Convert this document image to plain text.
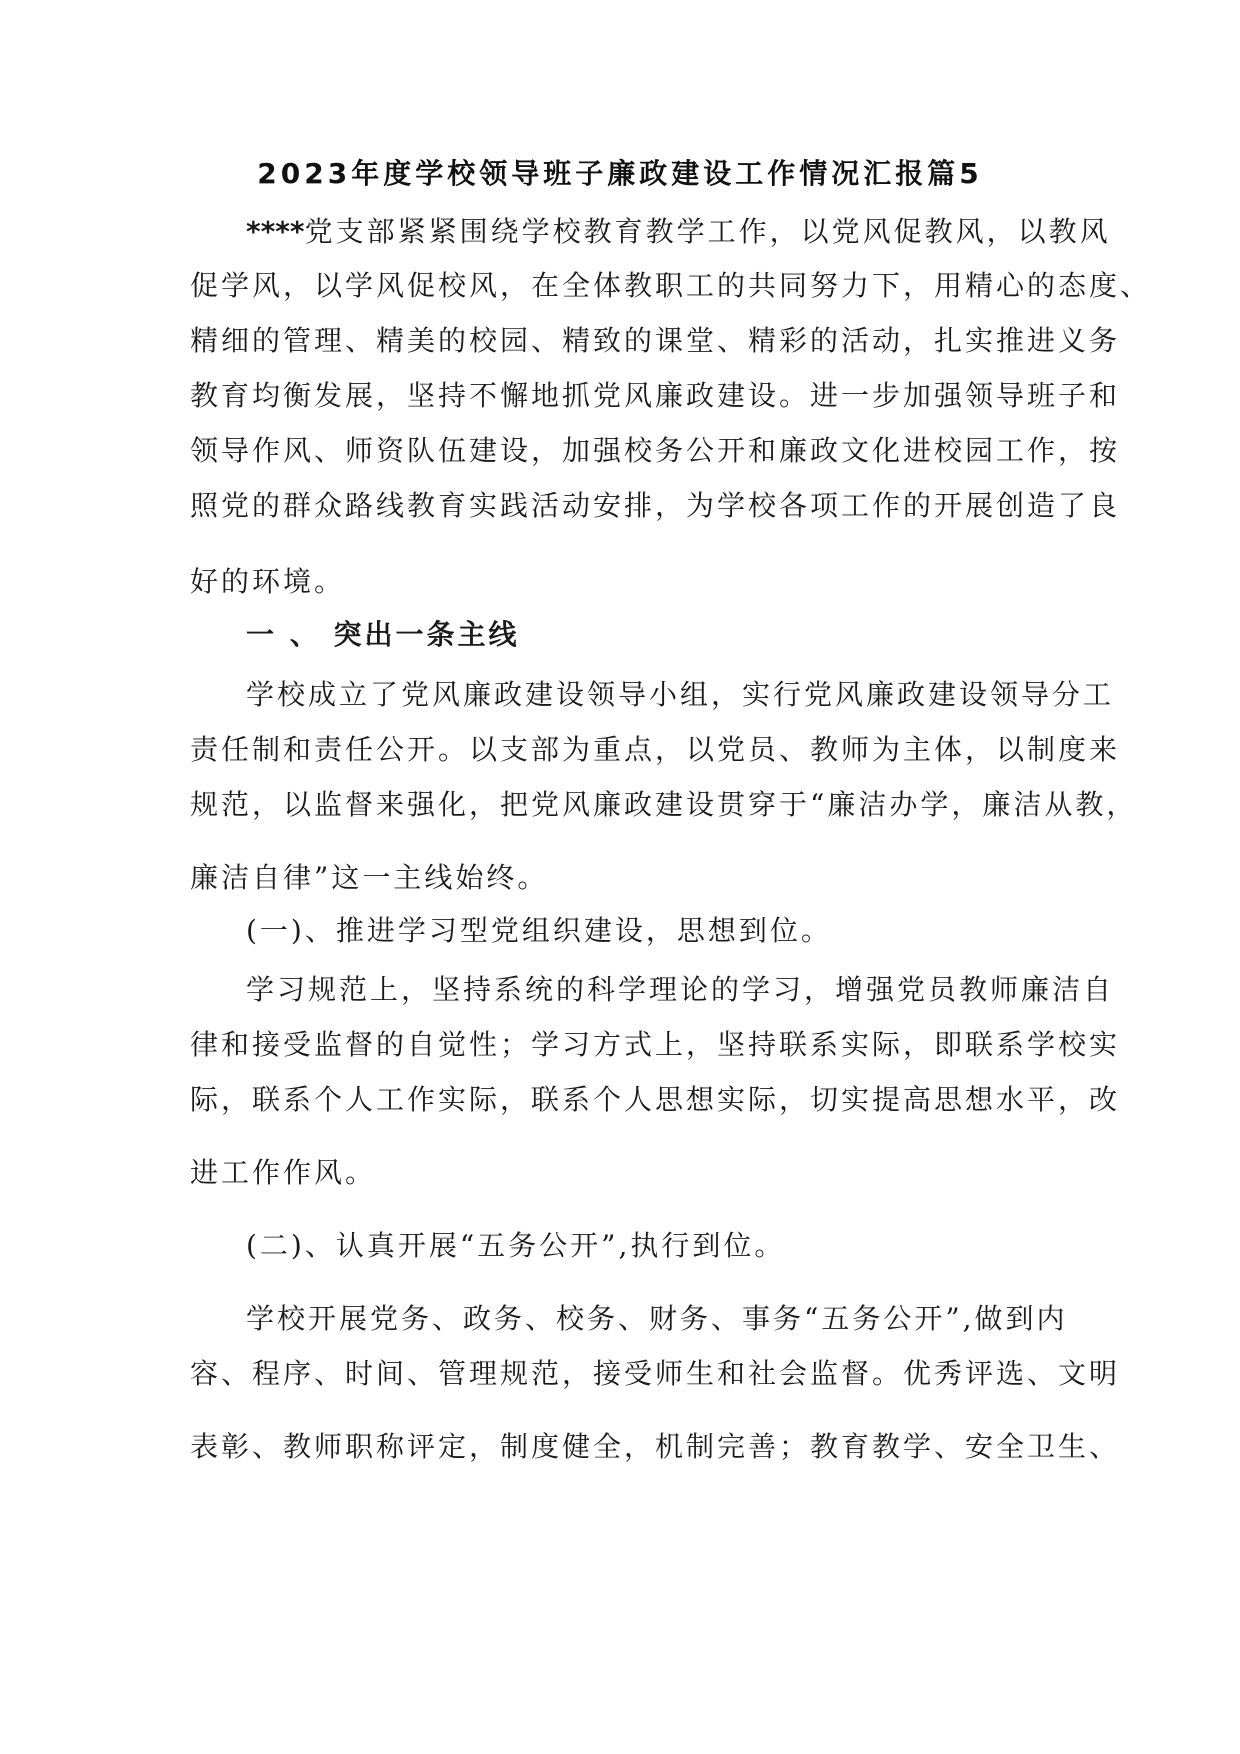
2023年度学校领导班子廉政建设工作情况汇报篇5

****党支部紧紧围绕学校教育教学工作，以党风促教风，以教风

促学风，以学风促校风，在全体教职工的共同努力下，用精心的态度、

精细的管理、精美的校园、精致的课堂、精彩的活动，扎实推进义务

教育均衡发展，坚持不懈地抓党风廉政建设。进一步加强领导班子和

领导作风、师资队伍建设，加强校务公开和廉政文化进校园工作，按

照党的群众路线教育实践活动安排，为学校各项工作的开展创造了良

好的环境。

一 、 突出一条主线

学校成立了党风廉政建设领导小组，实行党风廉政建设领导分工

责任制和责任公开。以支部为重点，以党员、教师为主体，以制度来

规范，以监督来强化，把党风廉政建设贯穿于“廉洁办学，廉洁从教，

廉洁自律”这一主线始终。

(一)、推进学习型党组织建设，思想到位。

学习规范上，坚持系统的科学理论的学习，增强党员教师廉洁自

律和接受监督的自觉性；学习方式上，坚持联系实际，即联系学校实

际，联系个人工作实际，联系个人思想实际，切实提高思想水平，改

进工作作风。

(二)、认真开展“五务公开”,执行到位。

学校开展党务、政务、校务、财务、事务“五务公开”,做到内

容、程序、时间、管理规范，接受师生和社会监督。优秀评选、文明

表彰、教师职称评定，制度健全，机制完善；教育教学、安全卫生、
